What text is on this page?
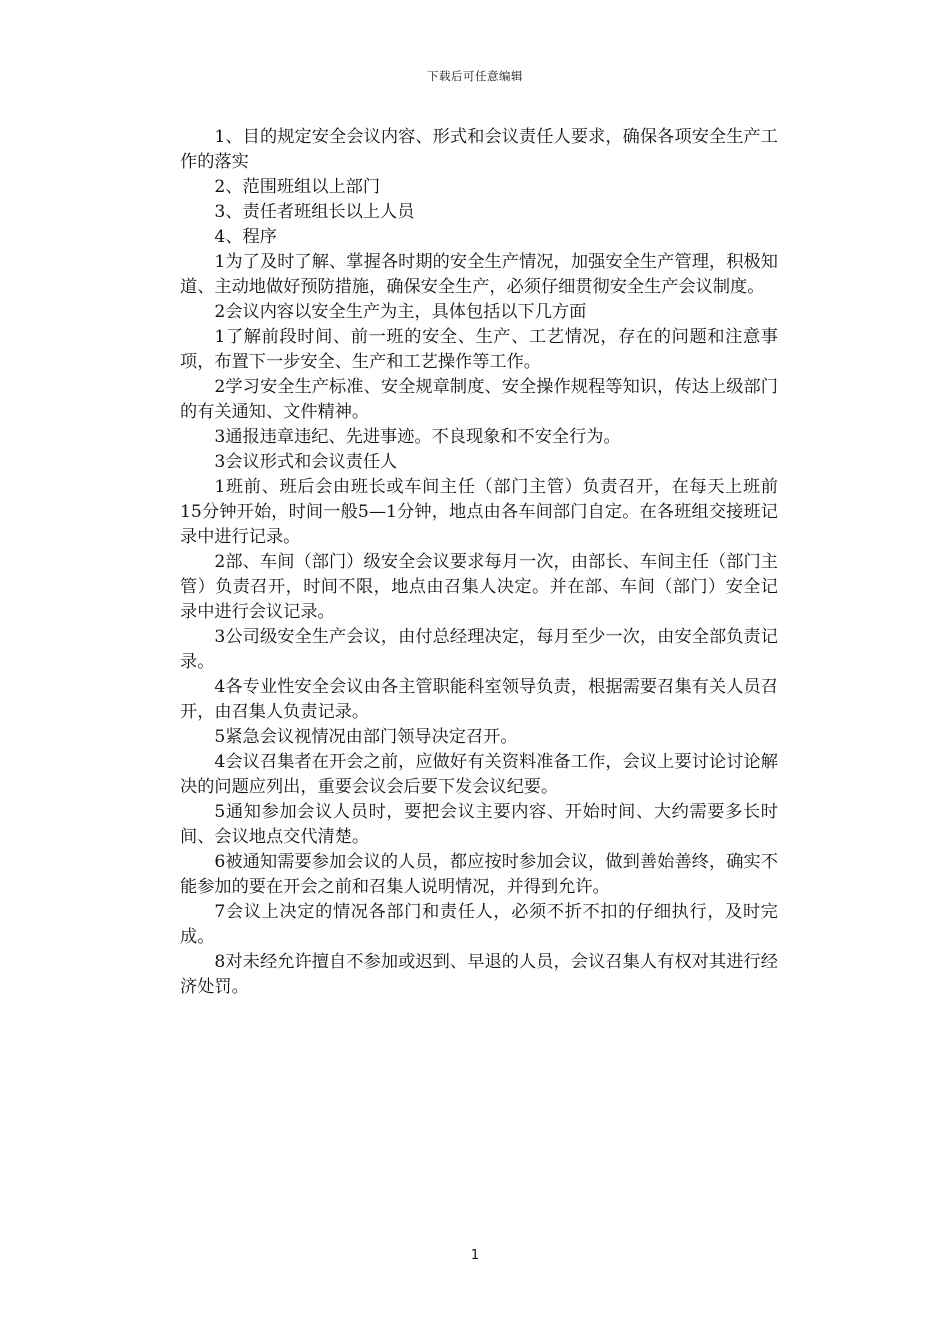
下载后可任意编辑

1、目的规定安全会议内容、形式和会议责任人要求，确保各项安全生产工作的落实

2、范围班组以上部门

3、责任者班组长以上人员

4、程序

1为了及时了解、掌握各时期的安全生产情况，加强安全生产管理，积极知道、主动地做好预防措施，确保安全生产，必须仔细贯彻安全生产会议制度。

2会议内容以安全生产为主，具体包括以下几方面

1了解前段时间、前一班的安全、生产、工艺情况，存在的问题和注意事项，布置下一步安全、生产和工艺操作等工作。

2学习安全生产标准、安全规章制度、安全操作规程等知识，传达上级部门的有关通知、文件精神。

3通报违章违纪、先进事迹。不良现象和不安全行为。

3会议形式和会议责任人

1班前、班后会由班长或车间主任（部门主管）负责召开，在每天上班前15分钟开始，时间一般5—1分钟，地点由各车间部门自定。在各班组交接班记录中进行记录。

2部、车间（部门）级安全会议要求每月一次，由部长、车间主任（部门主管）负责召开，时间不限，地点由召集人决定。并在部、车间（部门）安全记录中进行会议记录。

3公司级安全生产会议，由付总经理决定，每月至少一次，由安全部负责记录。

4各专业性安全会议由各主管职能科室领导负责，根据需要召集有关人员召开，由召集人负责记录。

5紧急会议视情况由部门领导决定召开。

4会议召集者在开会之前，应做好有关资料准备工作，会议上要讨论讨论解决的问题应列出，重要会议会后要下发会议纪要。

5通知参加会议人员时，要把会议主要内容、开始时间、大约需要多长时间、会议地点交代清楚。

6被通知需要参加会议的人员，都应按时参加会议，做到善始善终，确实不能参加的要在开会之前和召集人说明情况，并得到允许。

7会议上决定的情况各部门和责任人，必须不折不扣的仔细执行，及时完成。

8对未经允许擅自不参加或迟到、早退的人员，会议召集人有权对其进行经济处罚。

1
